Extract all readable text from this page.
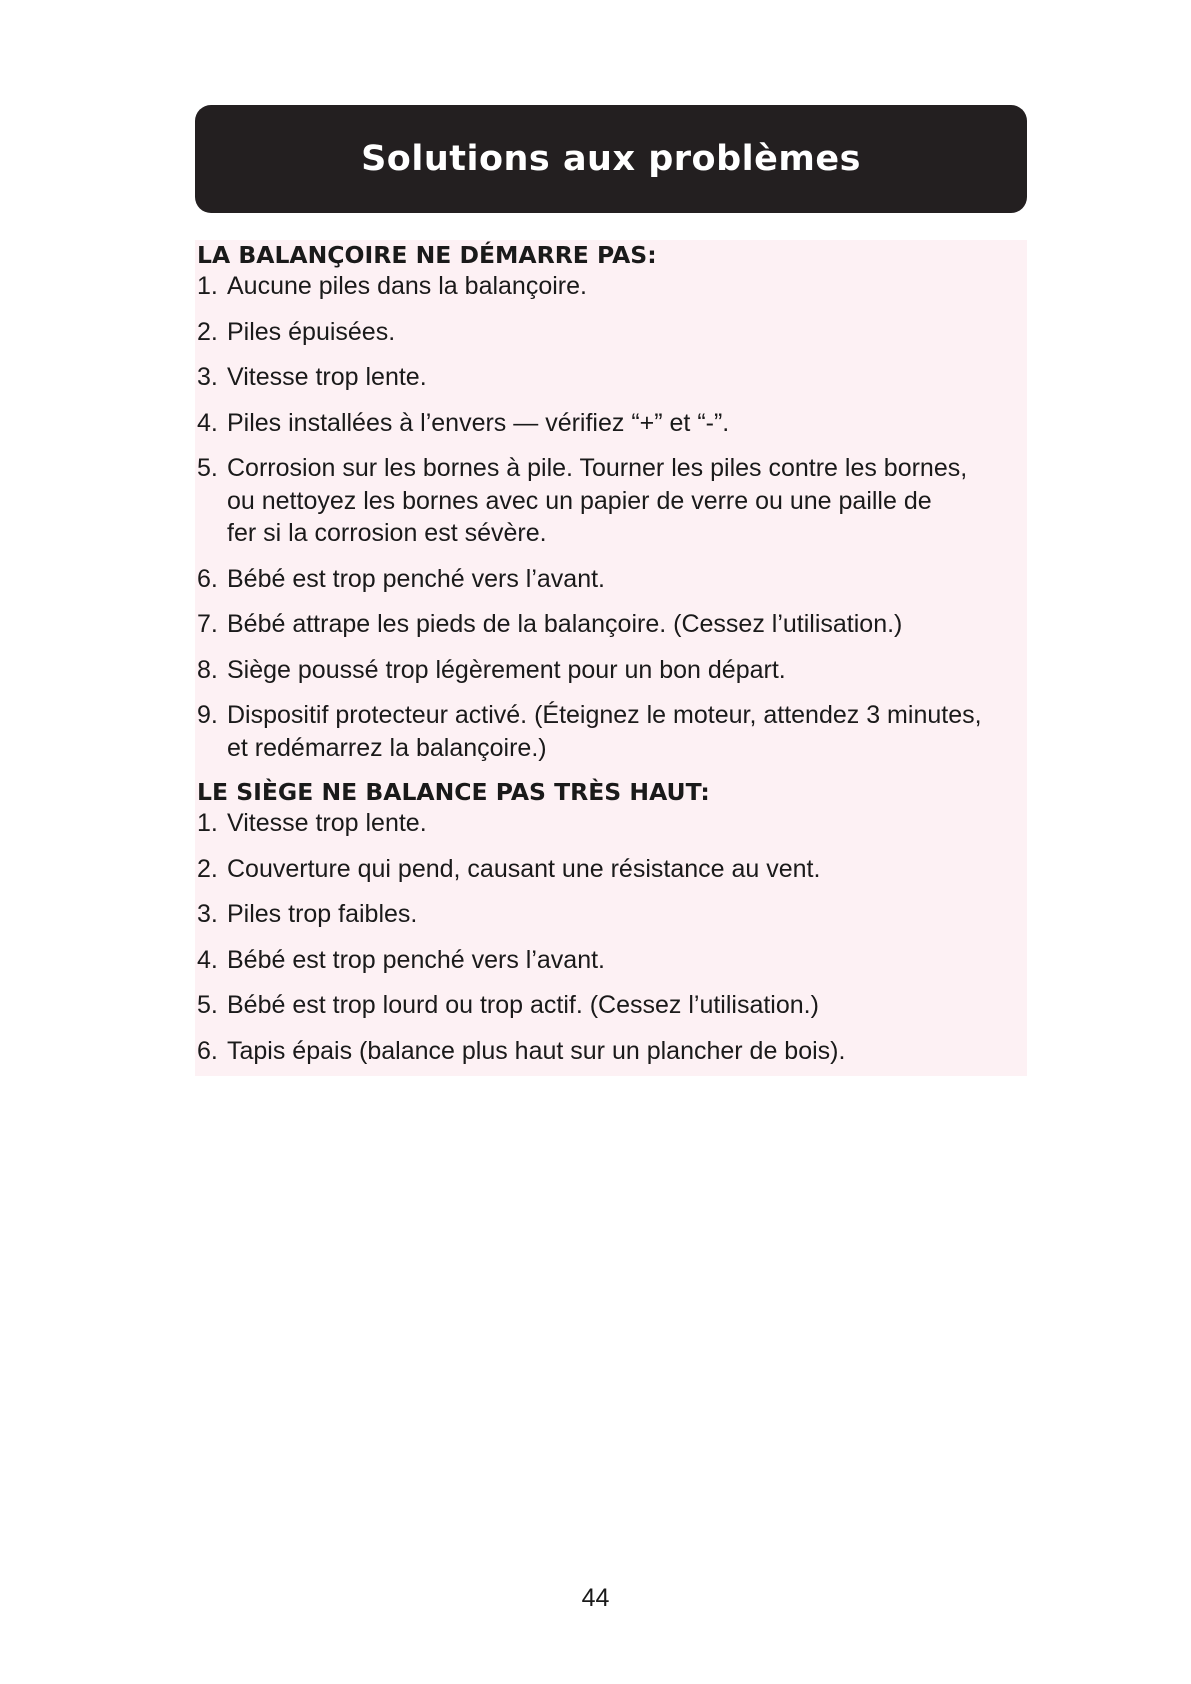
Solutions aux problèmes
LA BALANÇOIRE NE DÉMARRE PAS:
1. Aucune piles dans la balançoire.
2. Piles épuisées.
3. Vitesse trop lente.
4. Piles installées à l’envers — vérifiez “+” et “-”.
5. Corrosion sur les bornes à pile. Tourner les piles contre les bornes,
ou nettoyez les bornes avec un papier de verre ou une paille de
fer si la corrosion est sévère.
6. Bébé est trop penché vers l’avant.
7. Bébé attrape les pieds de la balançoire. (Cessez l’utilisation.)
8. Siège poussé trop légèrement pour un bon départ.
9. Dispositif protecteur activé. (Éteignez le moteur, attendez 3 minutes,
et redémarrez la balançoire.)
LE SIÈGE NE BALANCE PAS TRÈS HAUT:
1. Vitesse trop lente.
2. Couverture qui pend, causant une résistance au vent.
3. Piles trop faibles.
4. Bébé est trop penché vers l’avant.
5. Bébé est trop lourd ou trop actif. (Cessez l’utilisation.)
6. Tapis épais (balance plus haut sur un plancher de bois).
44
